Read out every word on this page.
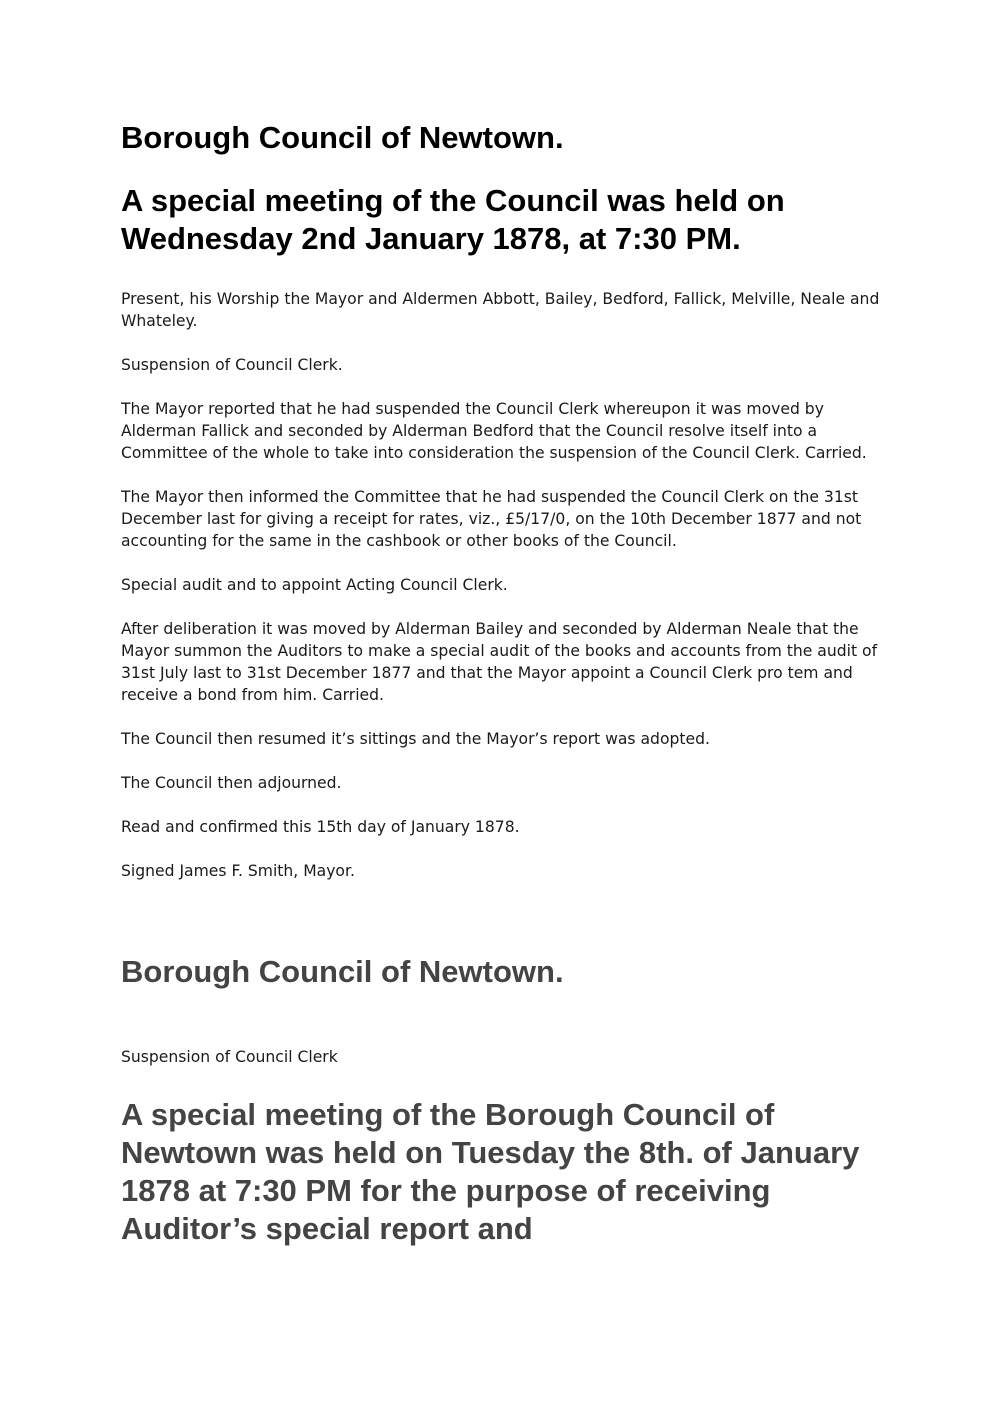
Borough Council of Newtown.
A special meeting of the Council was held on Wednesday 2nd January 1878, at 7:30 PM.

Present, his Worship the Mayor and Aldermen Abbott, Bailey, Bedford, Fallick, Melville, Neale and Whateley.

Suspension of Council Clerk.

The Mayor reported that he had suspended the Council Clerk whereupon it was moved by Alderman Fallick and seconded by Alderman Bedford that the Council resolve itself into a Committee of the whole to take into consideration the suspension of the Council Clerk. Carried.

The Mayor then informed the Committee that he had suspended the Council Clerk on the 31st December last for giving a receipt for rates, viz., £5/17/0, on the 10th December 1877 and not accounting for the same in the cashbook or other books of the Council.

Special audit and to appoint Acting Council Clerk.

After deliberation it was moved by Alderman Bailey and seconded by Alderman Neale that the Mayor summon the Auditors to make a special audit of the books and accounts from the audit of 31st July last to 31st December 1877 and that the Mayor appoint a Council Clerk pro tem and receive a bond from him. Carried.

The Council then resumed it’s sittings and the Mayor’s report was adopted.

The Council then adjourned.

Read and confirmed this 15th day of January 1878.

Signed James F. Smith, Mayor.

Borough Council of Newtown.

Suspension of Council Clerk

A special meeting of the Borough Council of Newtown was held on Tuesday the 8th. of January 1878 at 7:30 PM for the purpose of receiving Auditor’s special report and
